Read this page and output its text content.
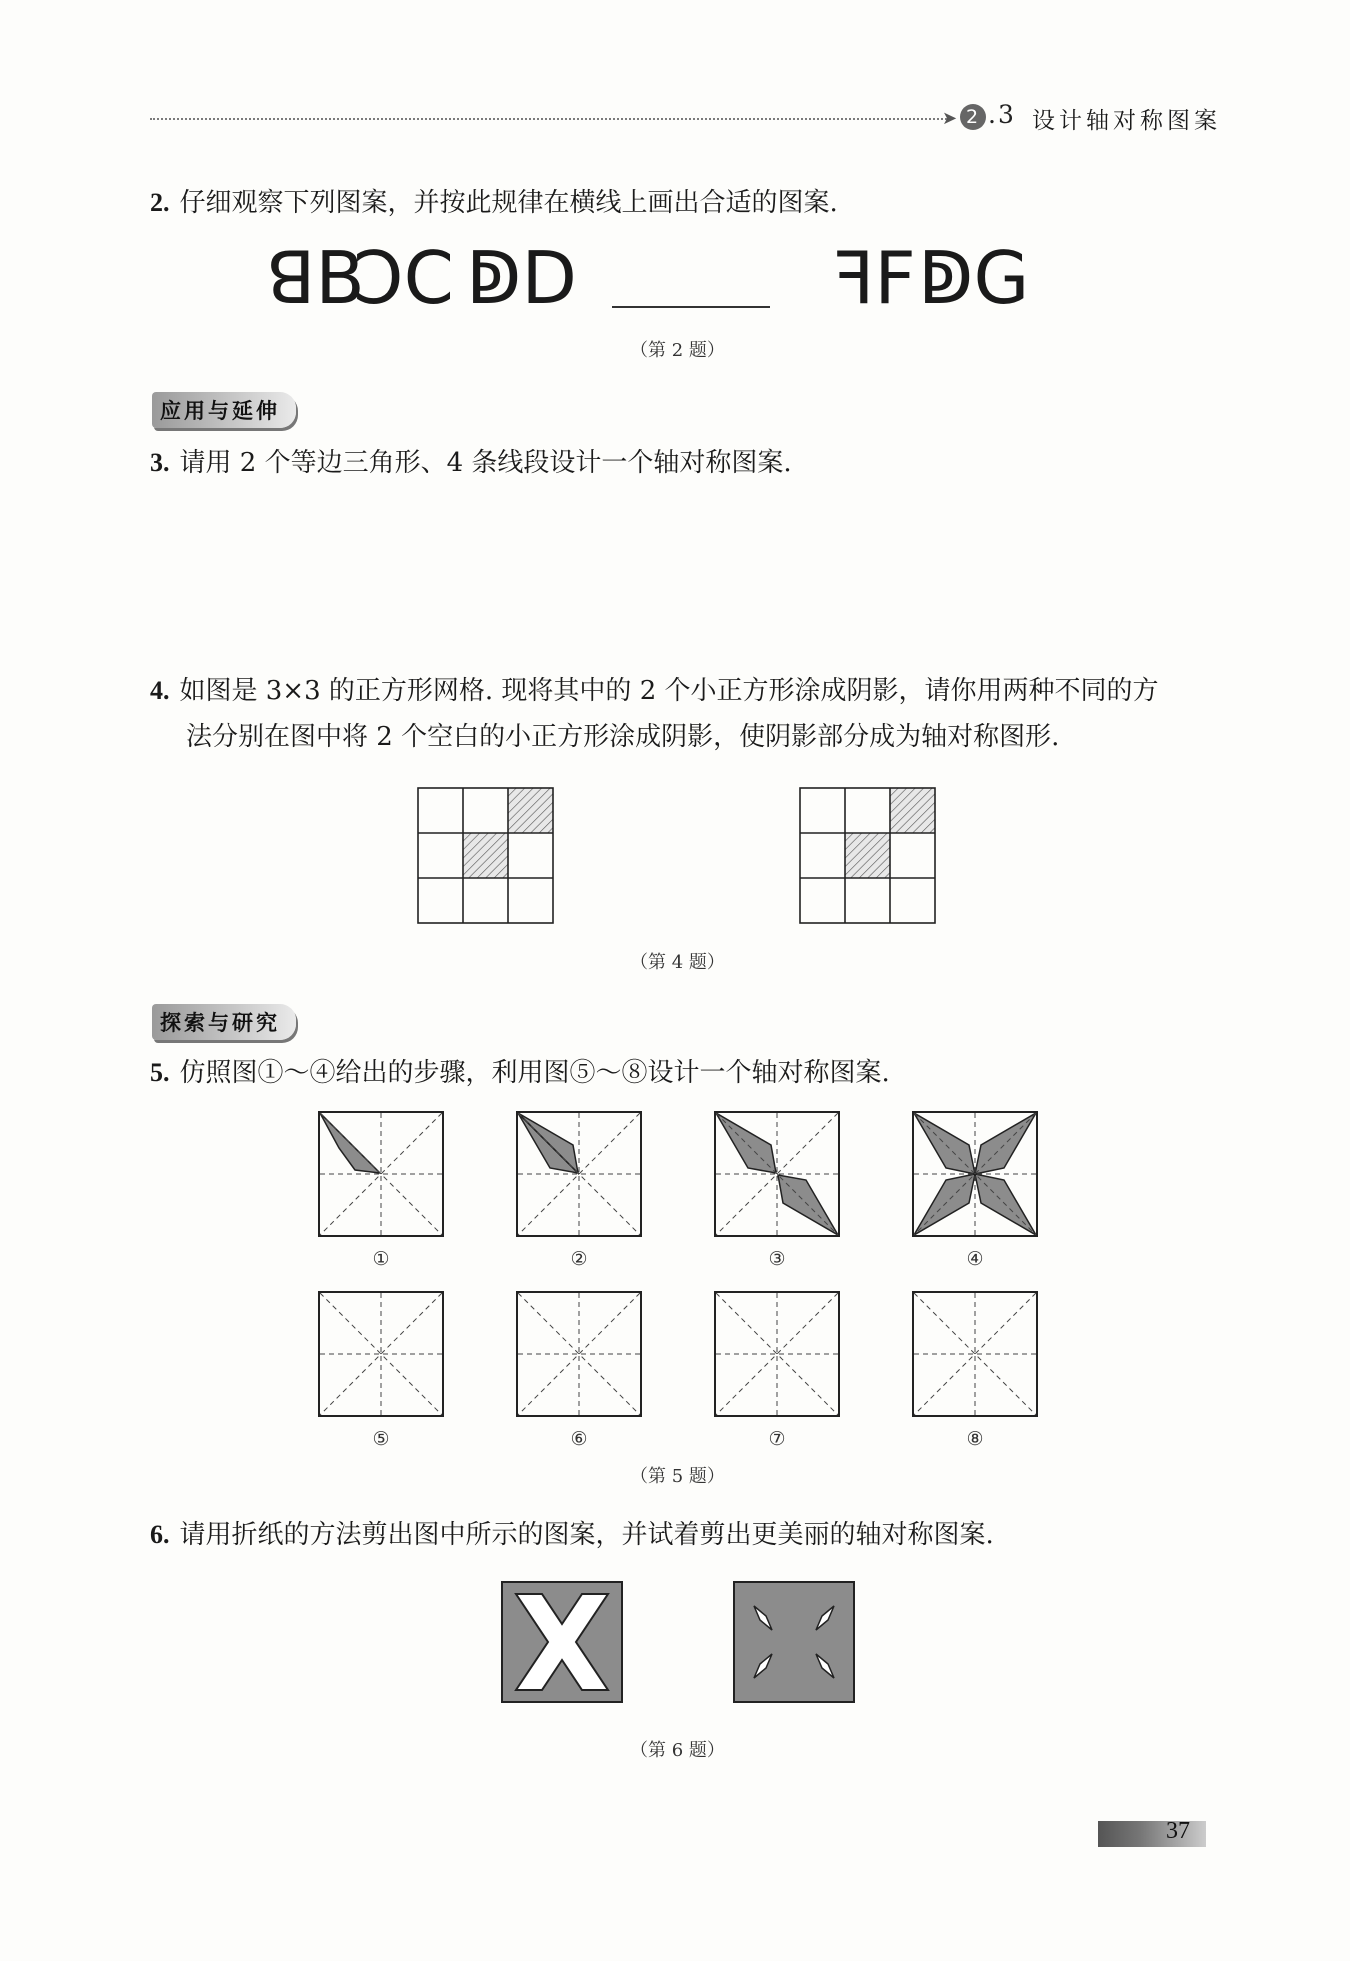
➤ 2 .3 设计轴对称图案
2. 仔细观察下列图案，并按此规律在横线上画出合适的图案.
ꓭB
ↃC ↁD	ꟻF ↁG
（第 2 题）
应用与延伸
3. 请用 2 个等边三角形、4 条线段设计一个轴对称图案.
4. 如图是 3×3 的正方形网格. 现将其中的 2 个小正方形涂成阴影，请你用两种不同的方
法分别在图中将 2 个空白的小正方形涂成阴影，使阴影部分成为轴对称图形.
（第 4 题）
探索与研究
5. 仿照图①～④给出的步骤，利用图⑤～⑧设计一个轴对称图案.
①	②	③	④
⑤	⑥	⑦	⑧
（第 5 题）
6. 请用折纸的方法剪出图中所示的图案，并试着剪出更美丽的轴对称图案.
（第 6 题）
37
